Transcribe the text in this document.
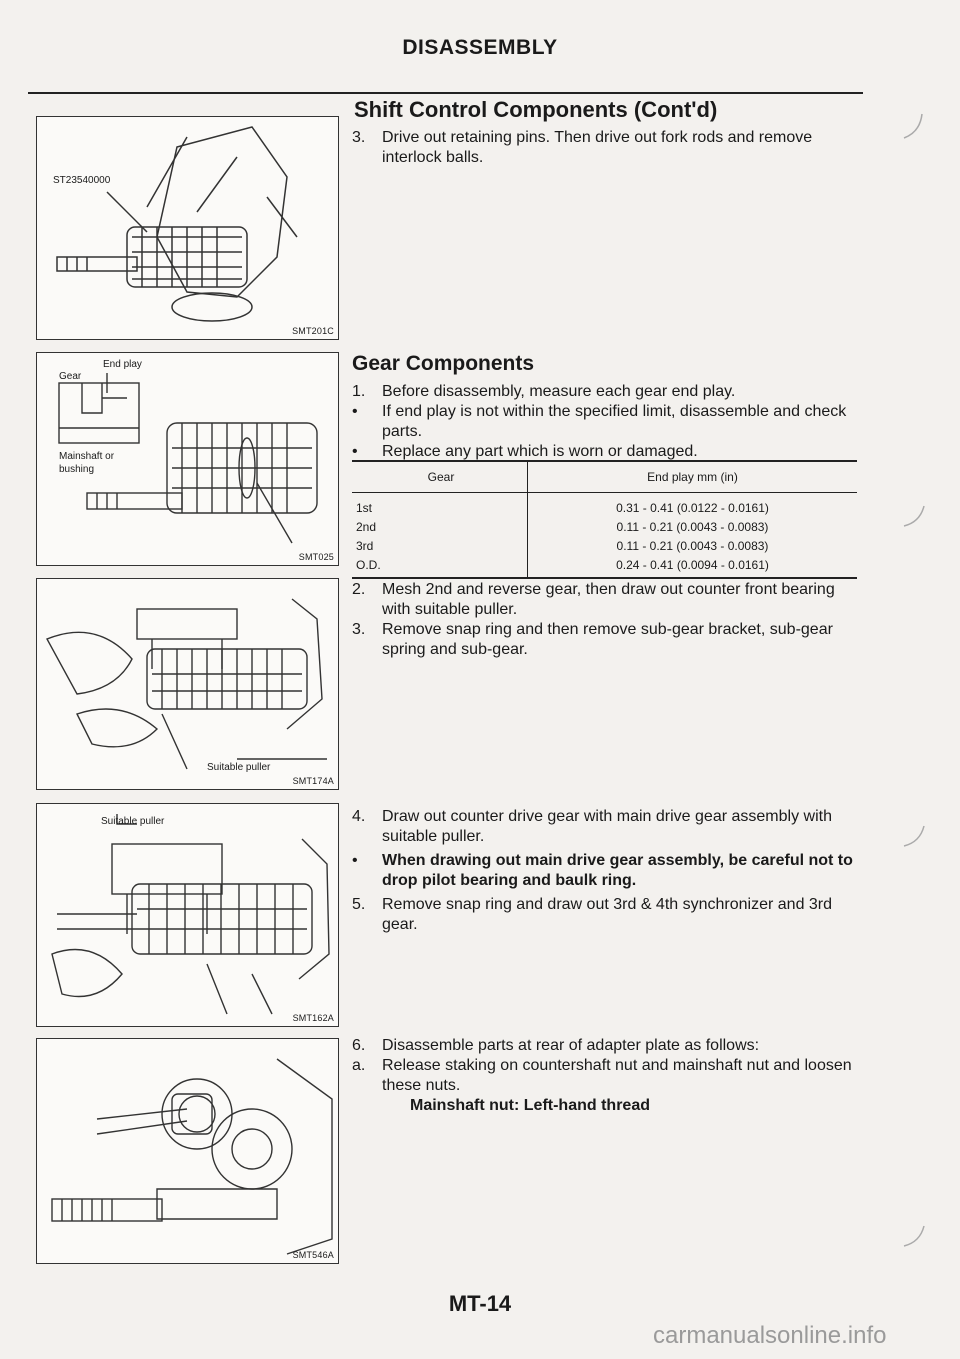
DISASSEMBLY
Shift Control Components (Cont'd)
ST23540000
SMT201C
Gear
End play
Mainshaft or
bushing
SMT025
Suitable puller
SMT174A
Suitable puller
SMT162A
SMT546A
3.	Drive out retaining pins. Then drive out fork rods and remove interlock balls.
Gear Components
1.	Before disassembly, measure each gear end play.
•	If end play is not within the specified limit, disassemble and check parts.
•	Replace any part which is worn or damaged.
Gear	End play mm (in)
1st	0.31 - 0.41 (0.0122 - 0.0161)
2nd	0.11 - 0.21 (0.0043 - 0.0083)
3rd	0.11 - 0.21 (0.0043 - 0.0083)
O.D.	0.24 - 0.41 (0.0094 - 0.0161)
2.	Mesh 2nd and reverse gear, then draw out counter front bearing with suitable puller.
3.	Remove snap ring and then remove sub-gear bracket, sub-gear spring and sub-gear.
4.	Draw out counter drive gear with main drive gear assembly with suitable puller.
•	When drawing out main drive gear assembly, be careful not to drop pilot bearing and baulk ring.
5.	Remove snap ring and draw out 3rd & 4th synchronizer and 3rd gear.
6.	Disassemble parts at rear of adapter plate as follows:
a.	Release staking on countershaft nut and mainshaft nut and loosen these nuts.
Mainshaft nut: Left-hand thread
MT-14
carmanualsonline.info
